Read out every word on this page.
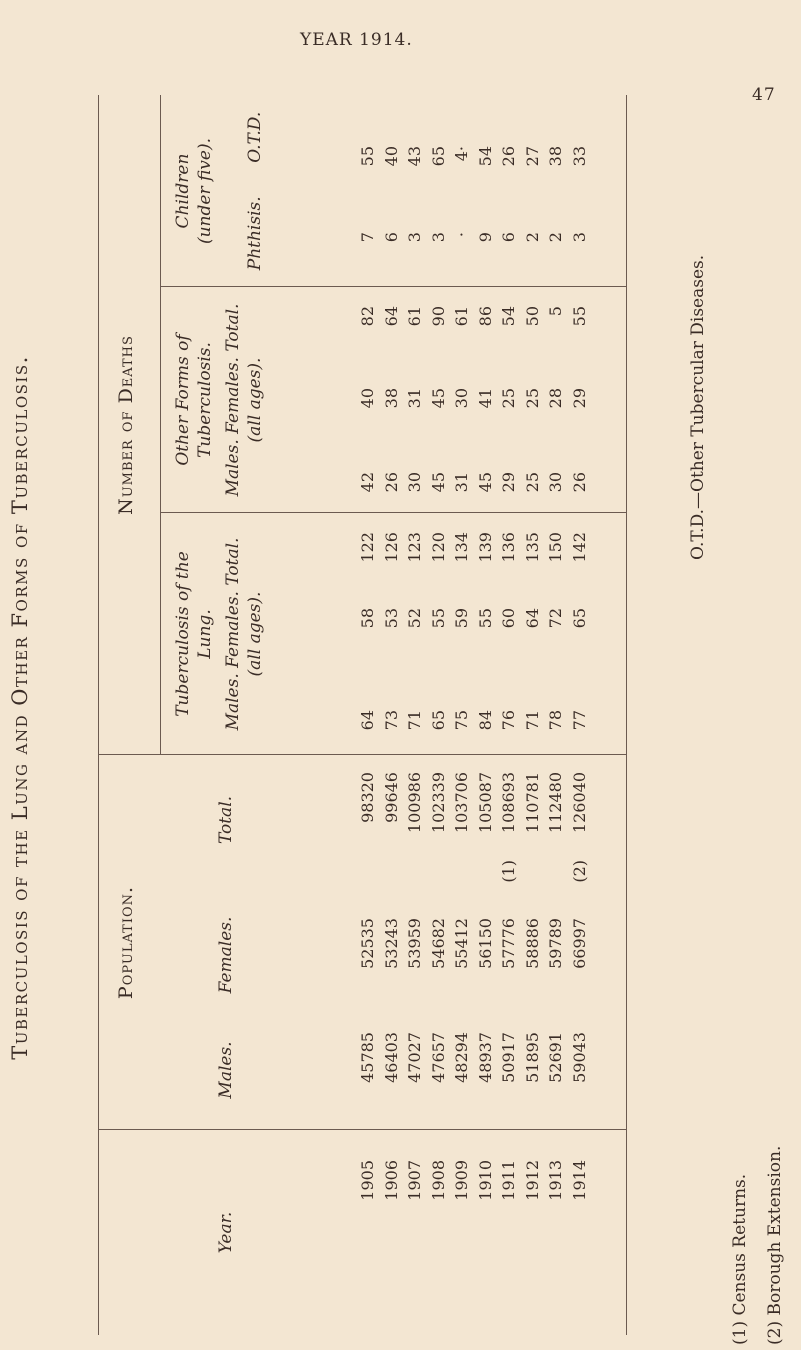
YEAR 1914.
47
Tuberculosis of the Lung and Other Forms of Tuberculosis.	Population.
Number of Deaths
Year.
Males.
Females.
Total.
Tuberculosis of the Lung. Males. Females. Total. (all ages).
Other Forms of Tuberculosis. Males. Females. Total. (all ages).
Children (under five). Phthisis.
O.T.D.
1905 1906 1907 1908 1909 1910 1911 1912 1913 1914
45785 46403 47027 47657 48294 48937 50917 51895 52691 59043
52535 53243 53959 54682 55412 56150 57776 58886 59789 66997
(1)	(2)
98320 99646 100986 102339 103706 105087 108693 110781 112480 126040
64 73 71 65 75 84 76 71 78 77
58 53 52 55 59 55 60 64 72 65
122 126 123 120 134 139 136 135 150 142
42 26 30 45 31 45 29 25 30 26
40 38 31 45 30 41 25 25 28 29
82 64 61 90 61 86 54 50 5 55
7 6 3 3 · 9 6 2 2 3
55 40 43 65 4· 54 26 27 38 33
O.T.D.—Other Tubercular Diseases.
(1) Census Returns. (2) Borough Extension.
